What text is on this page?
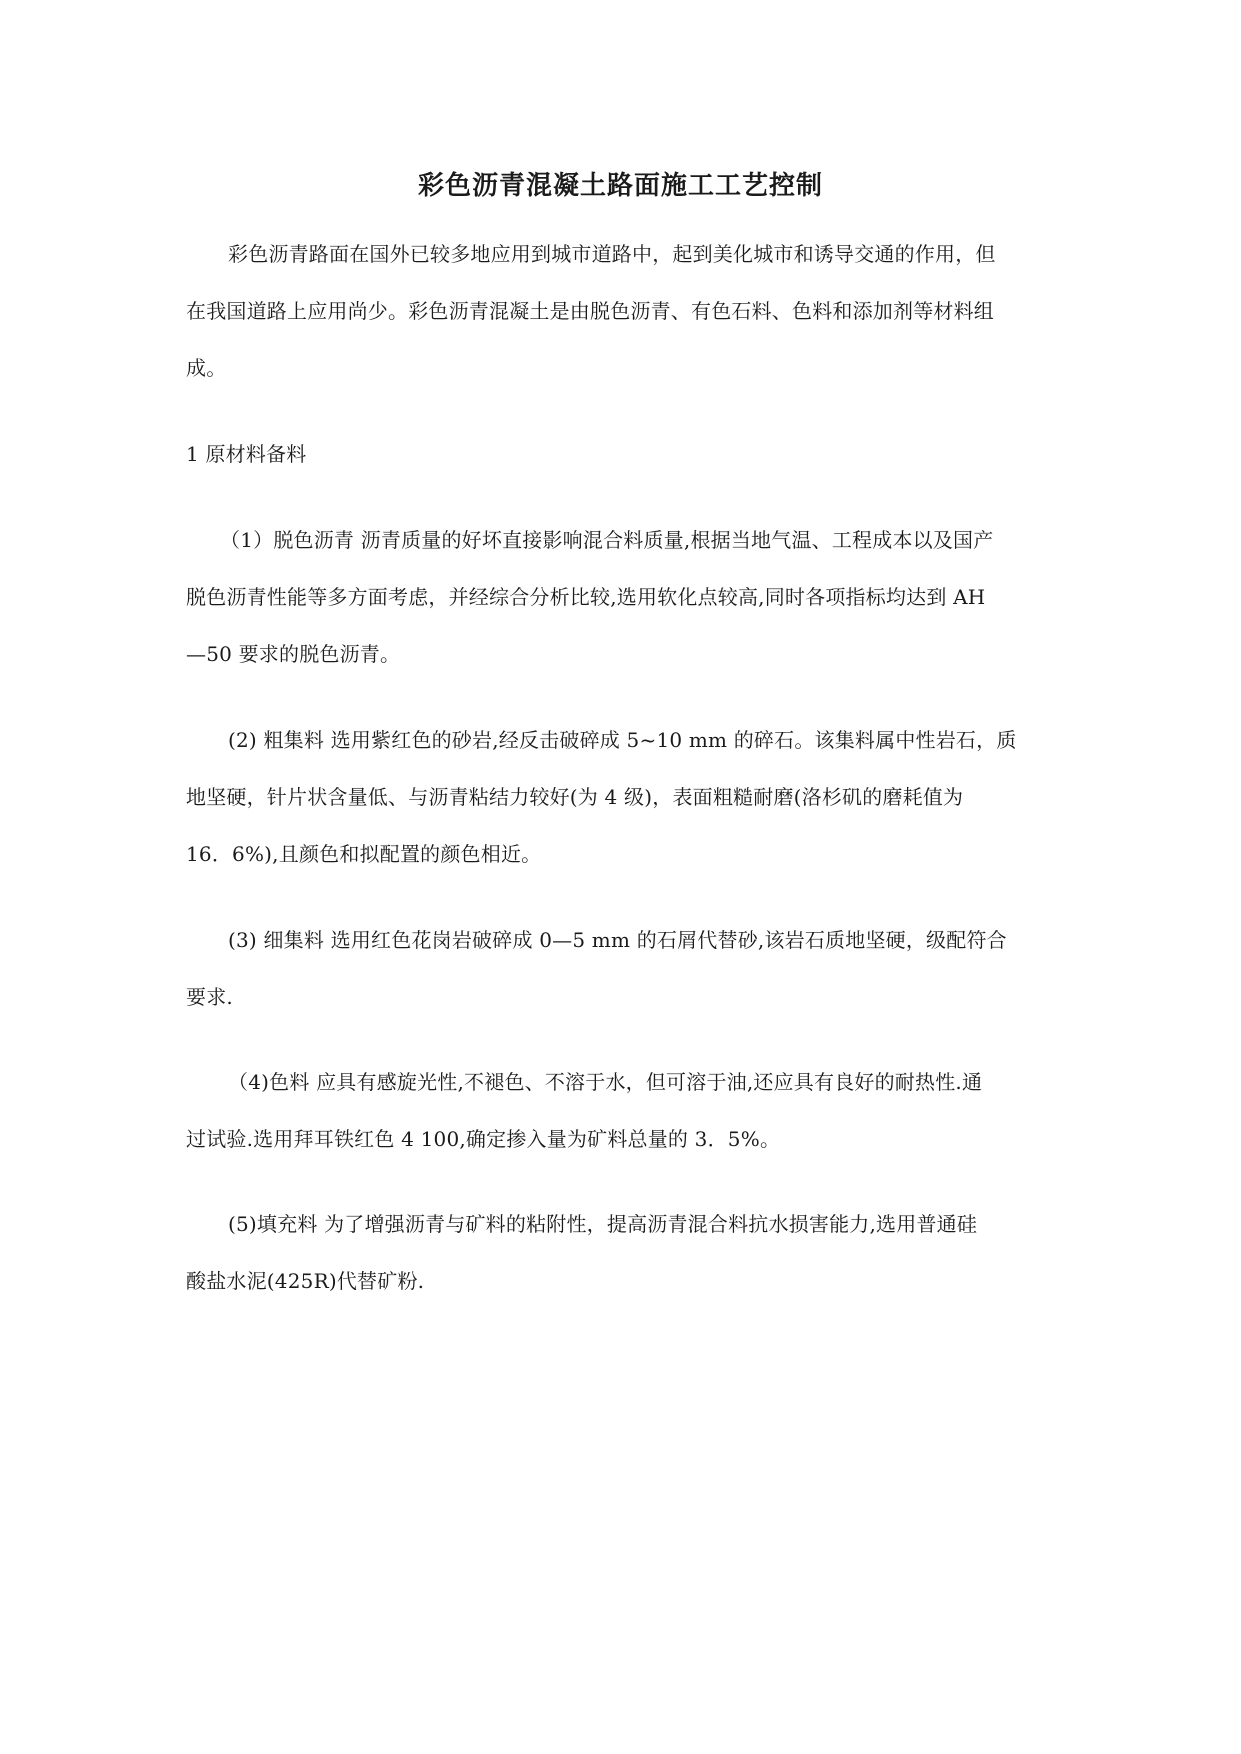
彩色沥青混凝土路面施工工艺控制
彩色沥青路面在国外已较多地应用到城市道路中，起到美化城市和诱导交通的作用，但
在我国道路上应用尚少。彩色沥青混凝土是由脱色沥青、有色石料、色料和添加剂等材料组
成。
1 原材料备料
（1）脱色沥青 沥青质量的好坏直接影响混合料质量,根据当地气温、工程成本以及国产
脱色沥青性能等多方面考虑，并经综合分析比较,选用软化点较高,同时各项指标均达到 AH
—50 要求的脱色沥青。
(2) 粗集料 选用紫红色的砂岩,经反击破碎成 5~10 mm 的碎石。该集料属中性岩石，质
地坚硬，针片状含量低、与沥青粘结力较好(为 4 级)，表面粗糙耐磨(洛杉矶的磨耗值为
16．6%),且颜色和拟配置的颜色相近。
(3) 细集料 选用红色花岗岩破碎成 0—5 mm 的石屑代替砂,该岩石质地坚硬，级配符合
要求.
（4)色料 应具有感旋光性,不褪色、不溶于水，但可溶于油,还应具有良好的耐热性.通
过试验.选用拜耳铁红色 4 100,确定掺入量为矿料总量的 3．5%。
(5)填充料 为了增强沥青与矿料的粘附性，提高沥青混合料抗水损害能力,选用普通硅
酸盐水泥(425R)代替矿粉.
